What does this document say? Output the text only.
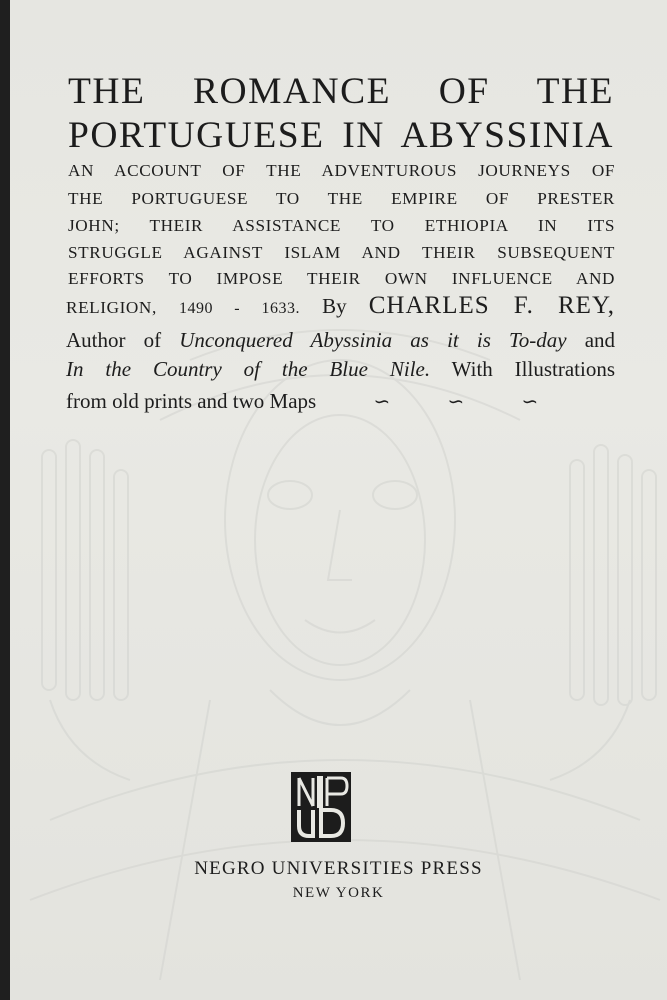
THE ROMANCE OF THE
PORTUGUESE IN ABYSSINIA
AN ACCOUNT OF THE ADVENTUROUS JOURNEYS OF
THE PORTUGUESE TO THE EMPIRE OF PRESTER
JOHN; THEIR ASSISTANCE TO ETHIOPIA IN ITS
STRUGGLE AGAINST ISLAM AND THEIR SUBSEQUENT
EFFORTS TO IMPOSE THEIR OWN INFLUENCE AND
RELIGION, 1490 - 1633. By CHARLES F. REY,
Author of Unconquered Abyssinia as it is To-day and
In the Country of the Blue Nile. With Illustrations
from old prints and two Maps	∽	∽	∽
NEGRO UNIVERSITIES PRESS
NEW YORK
